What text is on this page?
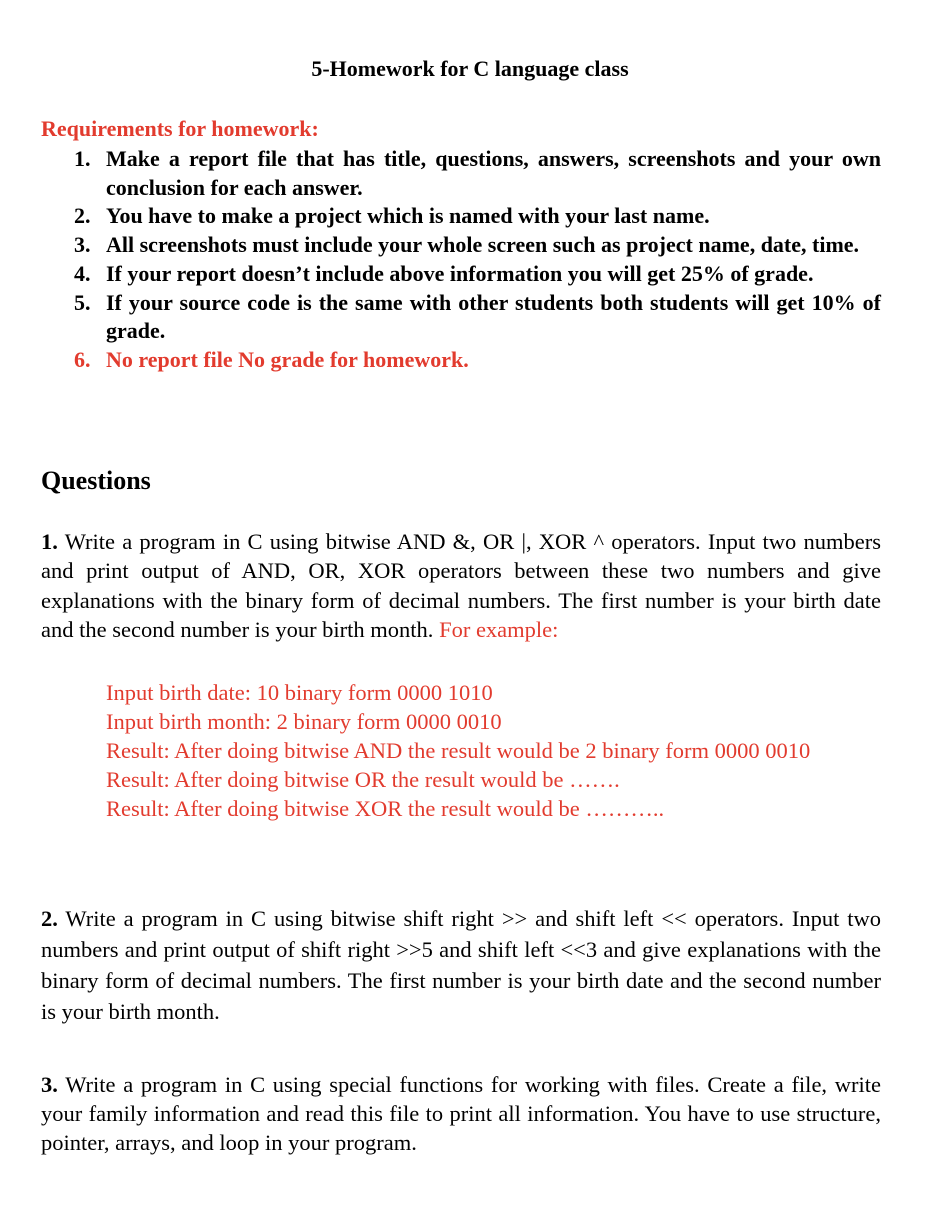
5-Homework for C language class
Requirements for homework:
1. Make a report file that has title, questions, answers, screenshots and your own conclusion for each answer.
2. You have to make a project which is named with your last name.
3. All screenshots must include your whole screen such as project name, date, time.
4. If your report doesn’t include above information you will get 25% of grade.
5. If your source code is the same with other students both students will get 10% of grade.
6. No report file No grade for homework.
Questions
1. Write a program in C using bitwise AND &, OR |, XOR ^ operators. Input two numbers and print output of AND, OR, XOR operators between these two numbers and give explanations with the binary form of decimal numbers. The first number is your birth date and the second number is your birth month. For example:
Input birth date: 10 binary form 0000 1010
Input birth month: 2 binary form 0000 0010
Result: After doing bitwise AND the result would be 2 binary form 0000 0010
Result: After doing bitwise OR the result would be …….
Result: After doing bitwise XOR the result would be ………..
2. Write a program in C using bitwise shift right >> and shift left << operators. Input two numbers and print output of shift right >>5 and shift left <<3 and give explanations with the binary form of decimal numbers. The first number is your birth date and the second number is your birth month.
3. Write a program in C using special functions for working with files. Create a file, write your family information and read this file to print all information. You have to use structure, pointer, arrays, and loop in your program.
